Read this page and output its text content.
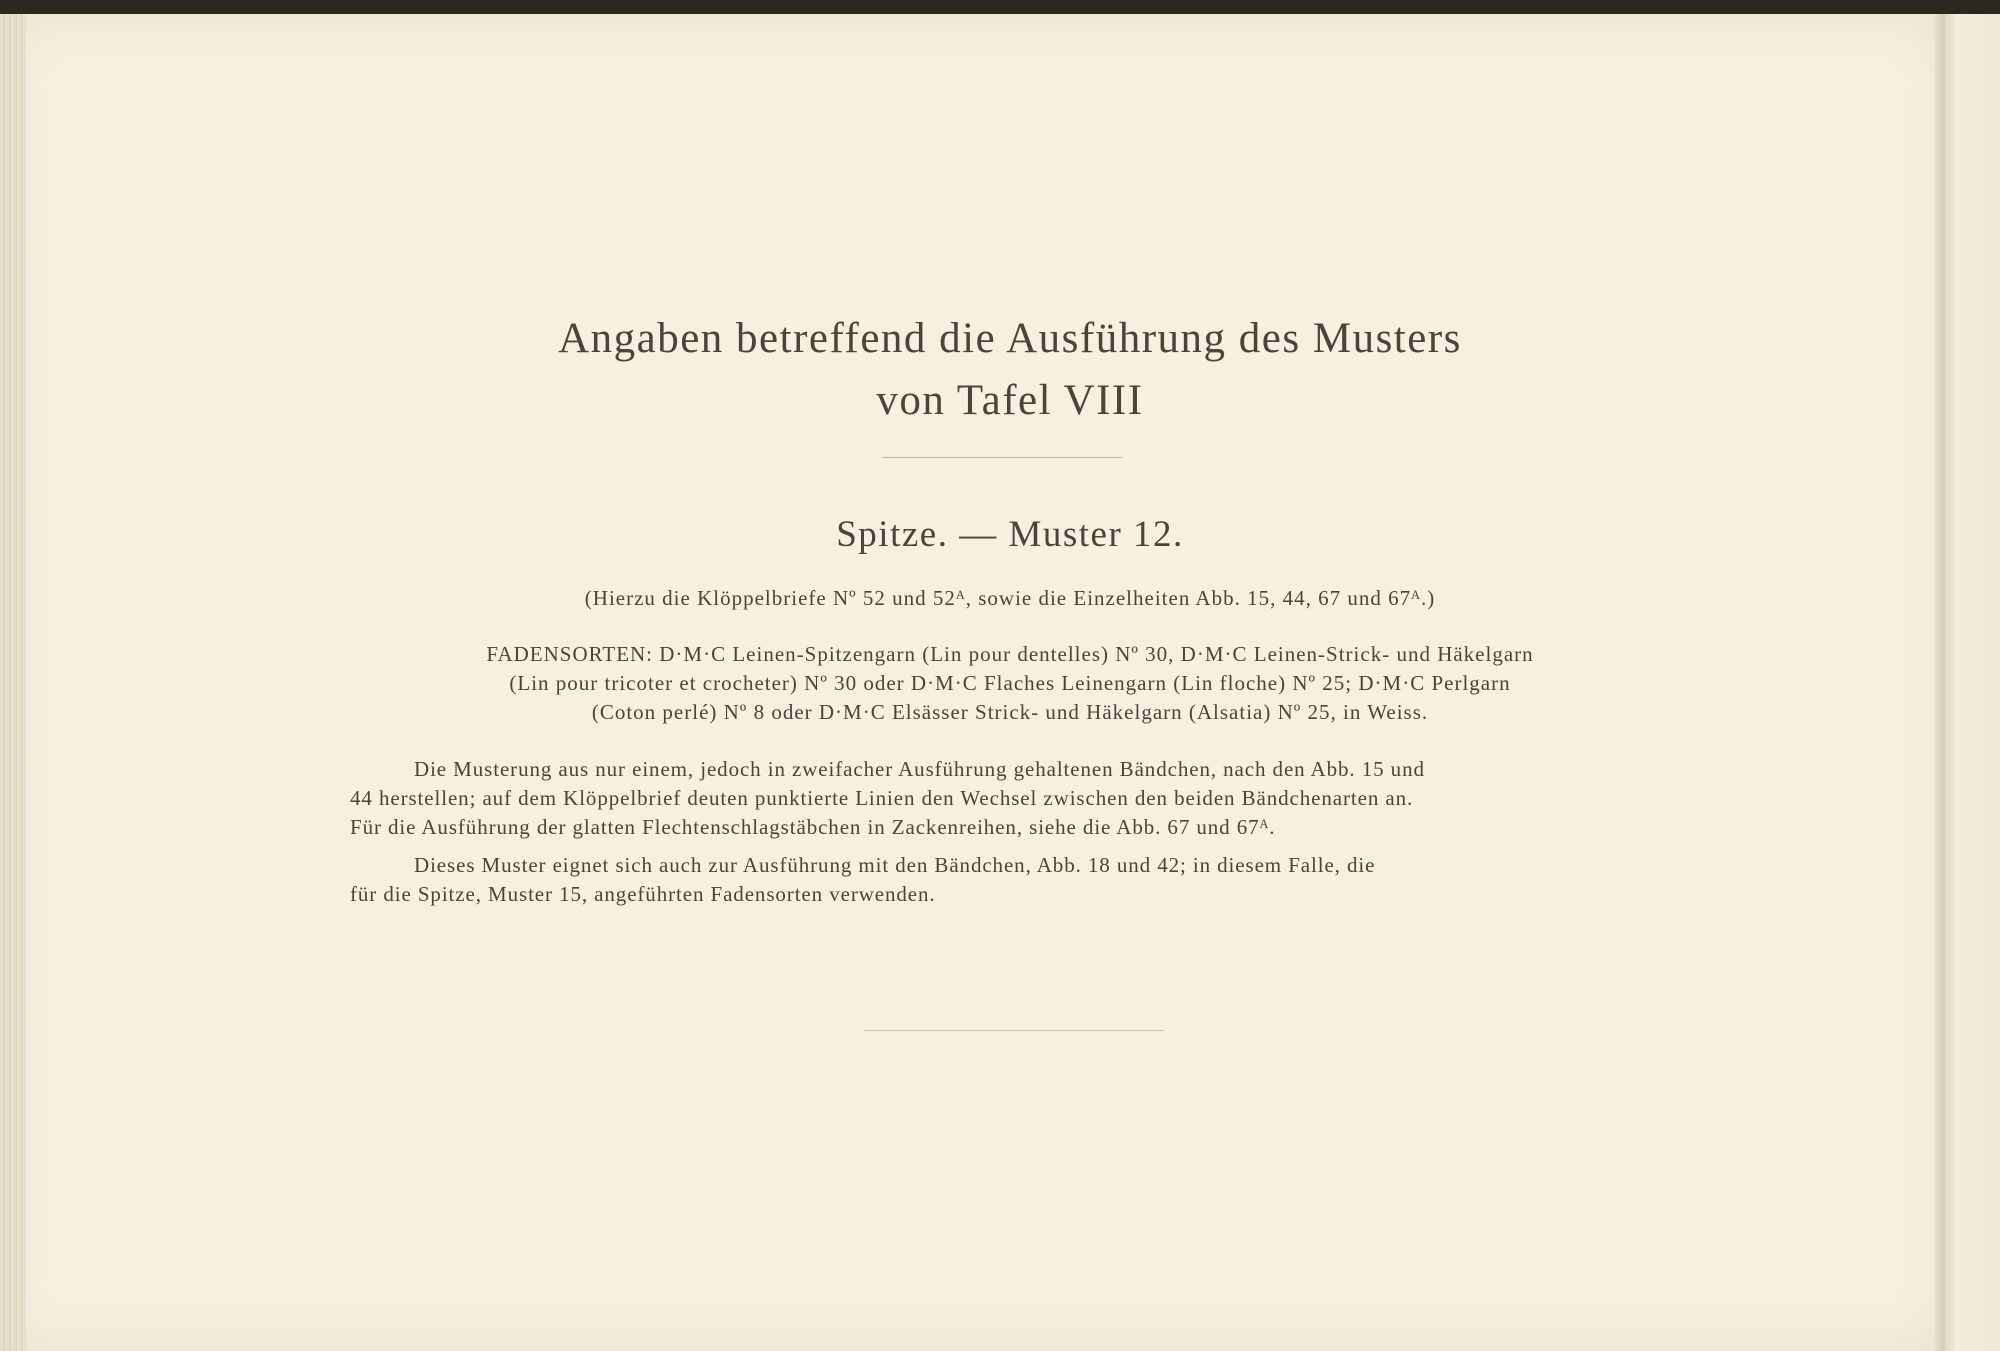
Angaben betreffend die Ausführung des Musters

von Tafel VIII

Spitze. — Muster 12.

(Hierzu die Klöppelbriefe Nº 52 und 52ᴬ, sowie die Einzelheiten Abb. 15, 44, 67 und 67ᴬ.)

FADENSORTEN: D·M·C Leinen-Spitzengarn (Lin pour dentelles) Nº 30, D·M·C Leinen-Strick- und Häkelgarn

(Lin pour tricoter et crocheter) Nº 30 oder D·M·C Flaches Leinengarn (Lin floche) Nº 25; D·M·C Perlgarn

(Coton perlé) Nº 8 oder D·M·C Elsässer Strick- und Häkelgarn (Alsatia) Nº 25, in Weiss.

Die Musterung aus nur einem, jedoch in zweifacher Ausführung gehaltenen Bändchen, nach den Abb. 15 und

44 herstellen; auf dem Klöppelbrief deuten punktierte Linien den Wechsel zwischen den beiden Bändchenarten an.

Für die Ausführung der glatten Flechtenschlagstäbchen in Zackenreihen, siehe die Abb. 67 und 67ᴬ.

Dieses Muster eignet sich auch zur Ausführung mit den Bändchen, Abb. 18 und 42; in diesem Falle, die

für die Spitze, Muster 15, angeführten Fadensorten verwenden.
